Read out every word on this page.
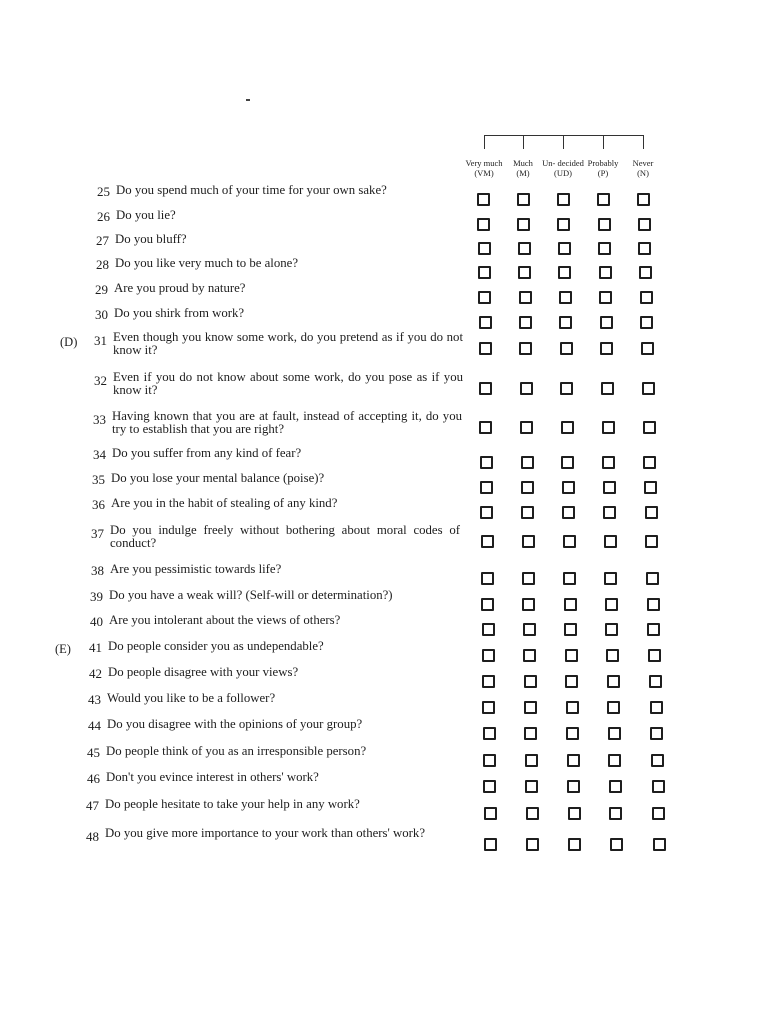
Very much
(VM)
Much
(M)
Un- decided
(UD)
Probably
(P)
Never
(N)
25 Do you spend much of your time for your own sake?
26 Do you lie?
27 Do you bluff?
28 Do you like very much to be alone?
29 Are you proud by nature?
30 Do you shirk from work?
(D)	31 Even though you know some work, do you pretend as if you do not know it?
32 Even if you do not know about some work, do you pose as if you know it?
33 Having known that you are at fault, instead of accepting it, do you try to establish that you are right?
34 Do you suffer from any kind of fear?
35 Do you lose your mental balance (poise)?
36 Are you in the habit of stealing of any kind?
37 Do you indulge freely without bothering about moral codes of conduct?
38 Are you pessimistic towards life?
39 Do you have a weak will? (Self-will or determination?)
40 Are you intolerant about the views of others?
(E)	41 Do people consider you as undependable?
42 Do people disagree with your views?
43 Would you like to be a follower?
44 Do you disagree with the opinions of your group?
45 Do people think of you as an irresponsible person?
46 Don't you evince interest in others' work?
47 Do people hesitate to take your help in any work?
48 Do you give more importance to your work than others' work?
